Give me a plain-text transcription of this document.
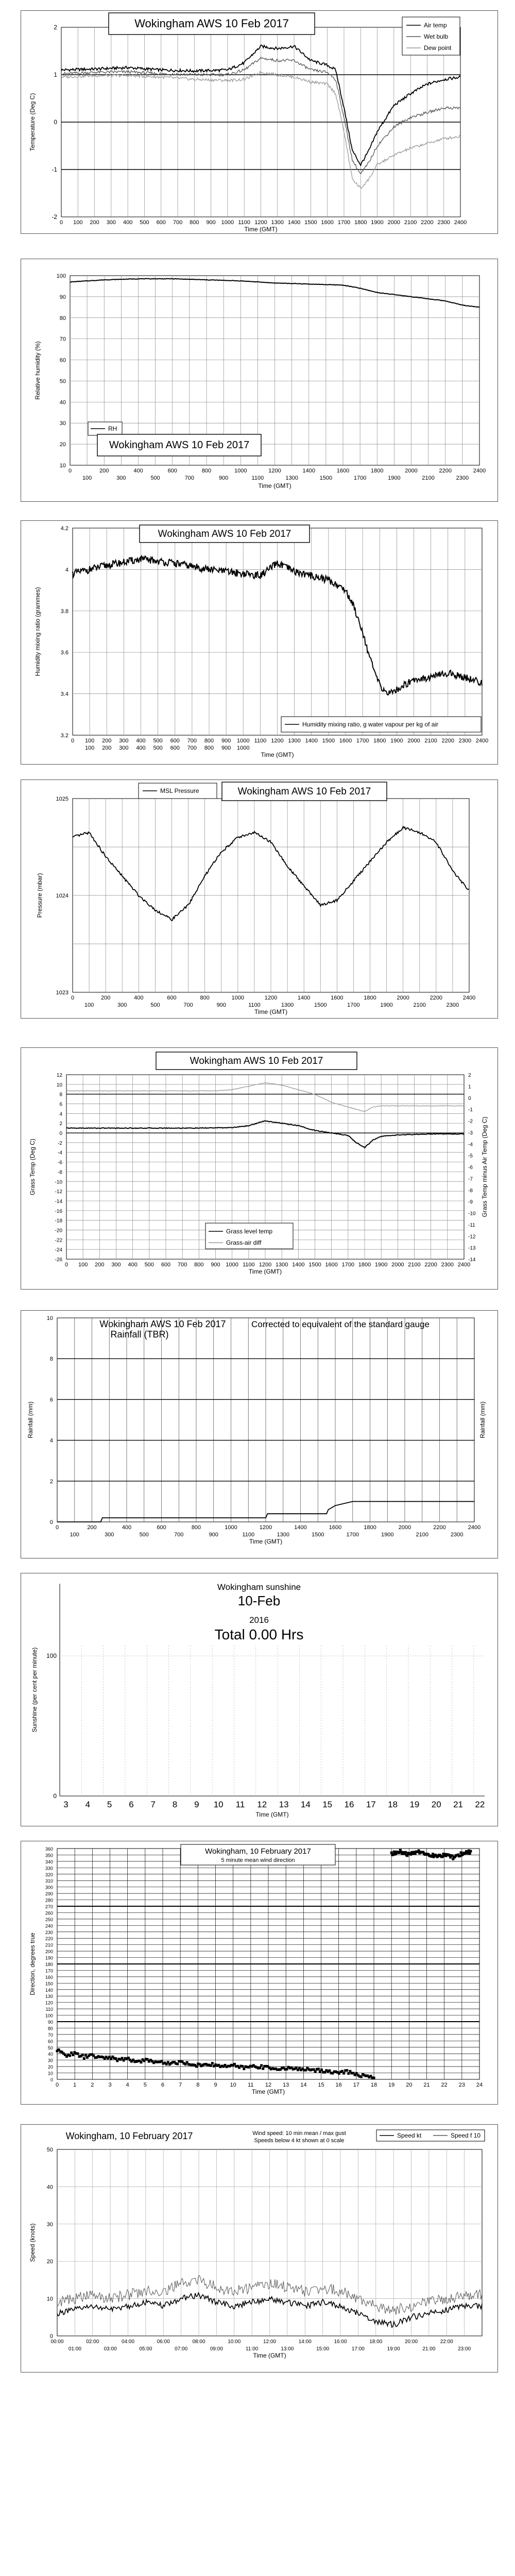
0 100 200 300 400 500 600 700 800 900 1000 1100 1200 1300 1400 1500 1600 1700 1800 1900 2000 2100 2200 2300 2400
Time (GMT)
-2
-1
0
1
2
Temperature (Deg C)
Wokingham AWS 10 Feb 2017	Air temp
Wet bulb
Dew point
0	200	400	600	800	1000	1200	1400	1600	1800	2000	2200	2400
100	300	500	700	900	1100	1300	1500	1700	1900	2100	2300
Time (GMT)
10
20
30
40
50
60
70
80
90
100
Relative humidity (%)
RH
Wokingham AWS 10 Feb 2017
0 100 200 300 400 500 600 700 800 900 1000 1100 1200 1300 1400 1500 1600 1700 1800 1900 2000 2100 2200 2300 2400
100 200 300 400 500 600 700 800 900 1000
Time (GMT)
3.2
3.4
3.6
3.8
4
4.2
Humidity mixing ratio (grammes)
Wokingham AWS 10 Feb 2017
Humidity mixing ratio, g water vapour per kg of air
0	200	400	600	800	1000	1200	1400	1600	1800	2000	2200	2400
100	300	500	700	900	1100	1300	1500	1700	1900	2100	2300
Time (GMT)
1023
1024
1025
Pressure (mbar)
MSL Pressure	Wokingham AWS 10 Feb 2017
0 100 200 300 400 500 600 700 800 900 1000 1100 1200 1300 1400 1500 1600 1700 1800 1900 2000 2100 2200 2300 2400
Time (GMT)
12
10
8
6
4
2
0
-2
-4
-6
-8
-10
-12
-14
-16
-18
-20
-22
-24
-26
2
1
0
-1
-2
-3
-4
-5
-6
-7
-8
-9
-10
-11
-12
-13
-14
Grass Temp (Deg C)	Grass Temp minus Air Temp (Deg C)
Wokingham AWS 10 Feb 2017
Grass level temp
Grass-air diff
0	200	400	600	800	1000	1200	1400	1600	1800	2000	2200	2400
100	300	500	700	900	1100	1300	1500	1700	1900	2100	2300
Time (GMT)
0
2
4
6
8
10
Rainfall (mm)	Rainfall (mm)
Wokingham AWS 10 Feb 2017
Rainfall (TBR)
Corrected to equivalent of the standard gauge
3 4 5 6 7 8 9 10 11 12 13 14 15 16 17 18 19 20 21 22
Time (GMT)
0
100
Sunshine (per cent per minute)
Wokingham sunshine
10-Feb
2016
Total 0.00 Hrs
0	1	2	3	4	5	6	7	8	9 10 11 12 13 14 15 16 17 18 19 20 21 22 23 24
Time (GMT)
0
10
20
30
40
50
60
70
80
90
100
110
120
130
140
150
160
170
180
190
200
210
220
230
240
250
260
270
280
290
300
310
320
330
340
350
360
Direction, degrees true
Wokingham, 10 February 2017
5 minute mean wind direction
00:00	02:00	04:00	06:00	08:00	10:00	12:00	14:00	16:00	18:00	20:00	22:00
01:00	03:00	05:00	07:00	09:00	11:00	13:00	15:00	17:00	19:00	21:00	23:00
Time (GMT)
0
10
20
30
40
50
Speed (knots)
Wokingham, 10 February 2017	Wind speed: 10 min mean / max gust
Speeds below 4 kt shown at 0 scale
Speed kt	Speed f 10
